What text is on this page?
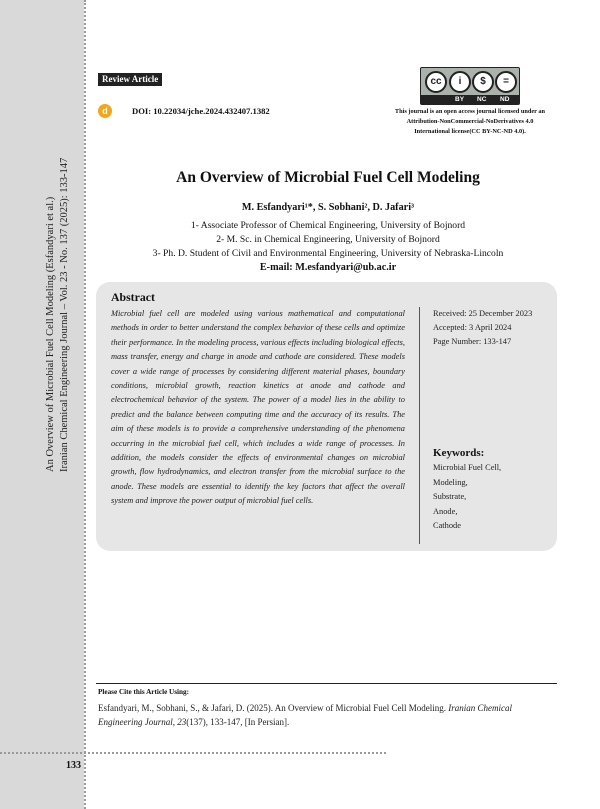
An Overview of Microbial Fuel Cell Modeling (Esfandyari et al.) Iranian Chemical Engineering Journal – Vol. 23 - No. 137 (2025): 133-147
Review Article
d	DOI: 10.22034/jche.2024.432407.1382
cc	i	$	=
BY NC ND
This journal is an open access journal licensed under an
Attribution-NonCommercial-NoDerivatives 4.0
International license(CC BY-NC-ND 4.0).
An Overview of Microbial Fuel Cell Modeling
M. Esfandyari¹*, S. Sobhani², D. Jafari³
1- Associate Professor of Chemical Engineering, University of Bojnord
2- M. Sc. in Chemical Engineering, University of Bojnord
3- Ph. D. Student of Civil and Environmental Engineering, University of Nebraska-Lincoln
E-mail: M.esfandyari@ub.ac.ir
Abstract
Microbial fuel cell are modeled using various mathematical and computational methods in order to better understand the complex behavior of these cells and optimize their performance. In the modeling process, various effects including biological effects, mass transfer, energy and charge in anode and cathode are considered. These models cover a wide range of processes by considering different material phases, boundary conditions, microbial growth, reaction kinetics at anode and cathode and electrochemical behavior of the system. The power of a model lies in the ability to predict and the balance between computing time and the accuracy of its results. The aim of these models is to provide a comprehensive understanding of the phenomena occurring in the microbial fuel cell, which includes a wide range of processes. In addition, the models consider the effects of environmental changes on microbial growth, flow hydrodynamics, and electron transfer from the microbial surface to the anode. These models are essential to identify the key factors that affect the overall system and improve the power output of microbial fuel cells.
Received: 25 December 2023
Accepted: 3 April 2024
Page Number: 133-147
Keywords:
Microbial Fuel Cell,
Modeling,
Substrate,
Anode,
Cathode
Please Cite this Article Using:
Esfandyari, M., Sobhani, S., & Jafari, D. (2025). An Overview of Microbial Fuel Cell Modeling. Iranian Chemical Engineering Journal, 23(137), 133-147, [In Persian].
133
